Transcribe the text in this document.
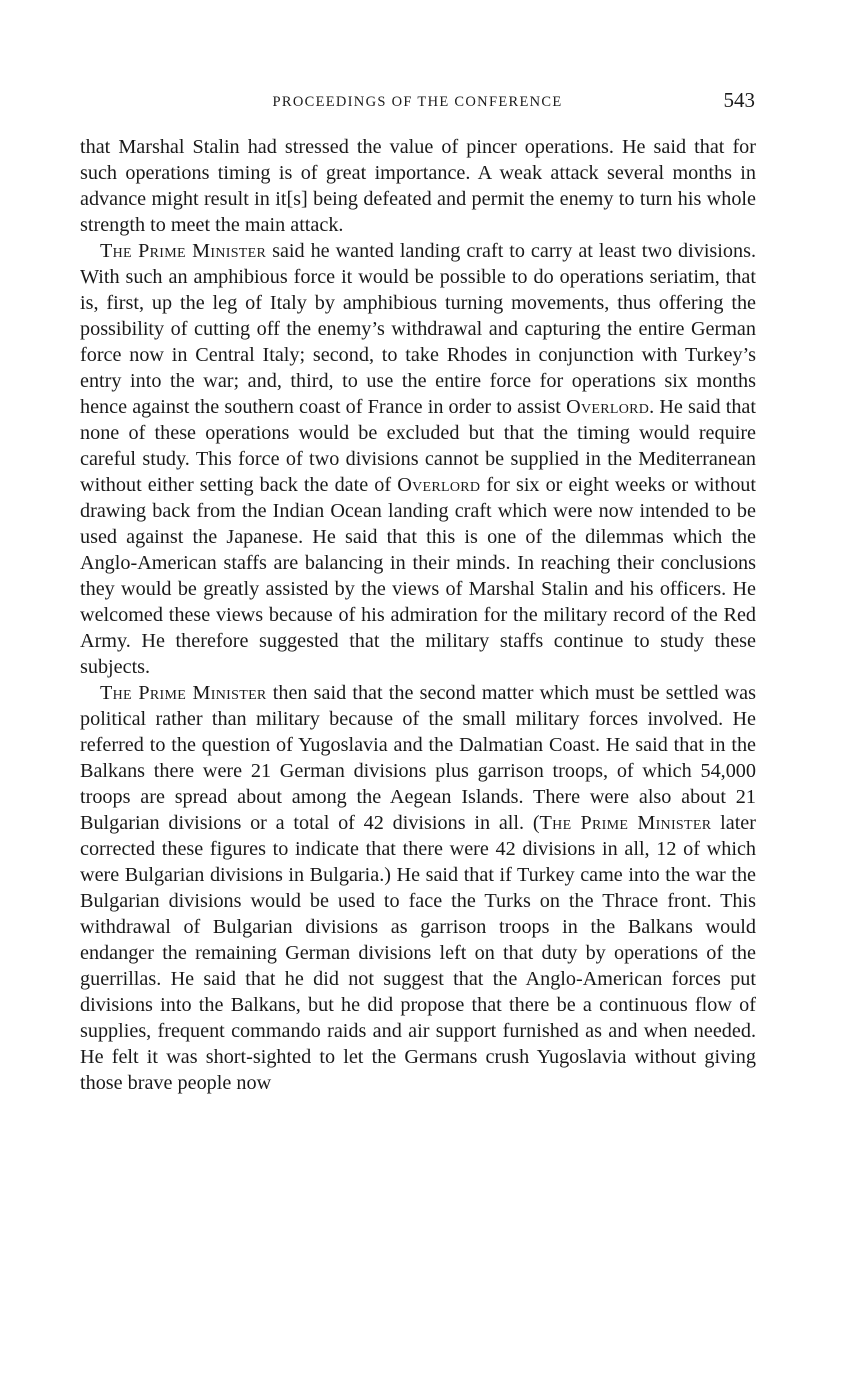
PROCEEDINGS OF THE CONFERENCE	543

that Marshal Stalin had stressed the value of pincer operations. He said that for such operations timing is of great importance. A weak attack several months in advance might result in it[s] being defeated and permit the enemy to turn his whole strength to meet the main attack.

The Prime Minister said he wanted landing craft to carry at least two divisions. With such an amphibious force it would be possible to do operations seriatim, that is, first, up the leg of Italy by amphibious turning movements, thus offering the possibility of cutting off the enemy’s withdrawal and capturing the entire German force now in Central Italy; second, to take Rhodes in conjunction with Turkey’s entry into the war; and, third, to use the entire force for operations six months hence against the southern coast of France in order to assist Overlord. He said that none of these operations would be excluded but that the timing would require careful study. This force of two divisions cannot be supplied in the Mediterranean without either setting back the date of Overlord for six or eight weeks or without drawing back from the Indian Ocean landing craft which were now intended to be used against the Japanese. He said that this is one of the dilemmas which the Anglo-American staffs are balancing in their minds. In reaching their conclusions they would be greatly assisted by the views of Marshal Stalin and his officers. He welcomed these views because of his admiration for the military record of the Red Army. He therefore suggested that the military staffs continue to study these subjects.

The Prime Minister then said that the second matter which must be settled was political rather than military because of the small military forces involved. He referred to the question of Yugoslavia and the Dalmatian Coast. He said that in the Balkans there were 21 German divisions plus garrison troops, of which 54,000 troops are spread about among the Aegean Islands. There were also about 21 Bulgarian divisions or a total of 42 divisions in all. (The Prime Minister later corrected these figures to indicate that there were 42 divisions in all, 12 of which were Bulgarian divisions in Bulgaria.) He said that if Turkey came into the war the Bulgarian divisions would be used to face the Turks on the Thrace front. This withdrawal of Bulgarian divisions as garrison troops in the Balkans would endanger the remaining German divisions left on that duty by operations of the guerrillas. He said that he did not suggest that the Anglo-American forces put divisions into the Balkans, but he did propose that there be a continuous flow of supplies, frequent commando raids and air support furnished as and when needed. He felt it was short-sighted to let the Germans crush Yugoslavia without giving those brave people now
